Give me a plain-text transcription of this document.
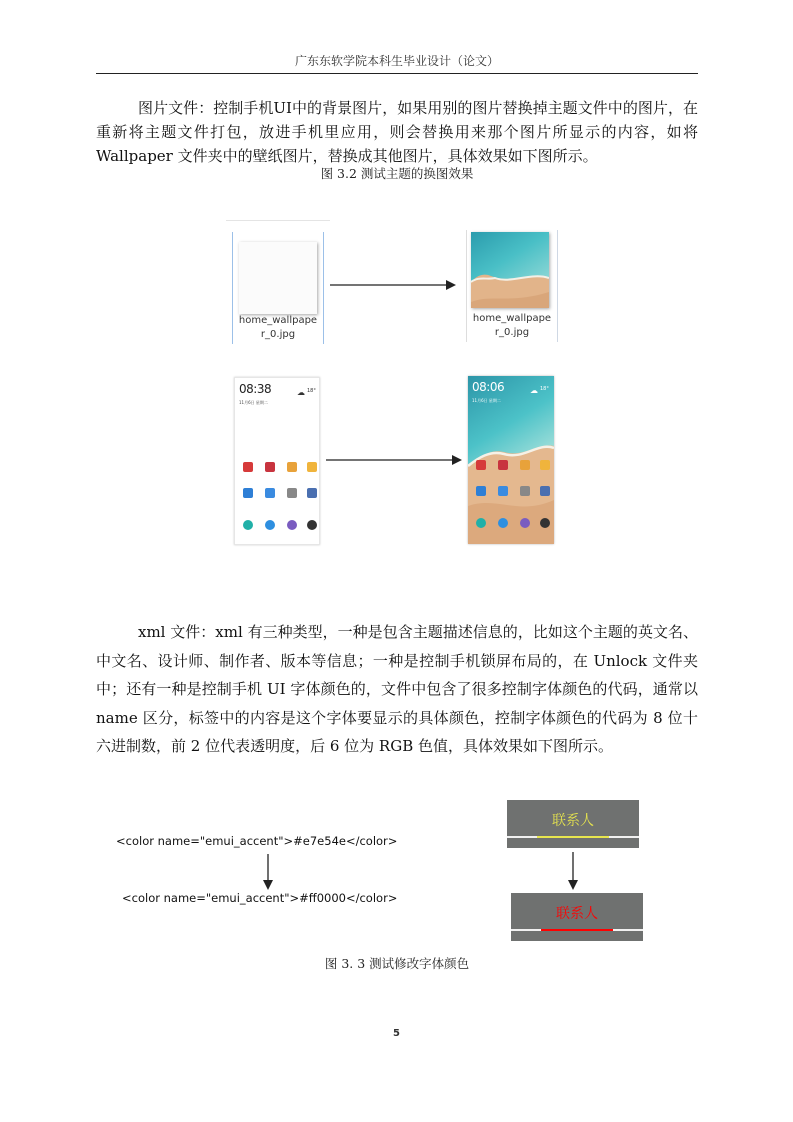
广东东软学院本科生毕业设计（论文）
图片文件：控制手机UI中的背景图片，如果用别的图片替换掉主题文件中的图片，在重新将主题文件打包，放进手机里应用，则会替换用来那个图片所显示的内容，如将 Wallpaper 文件夹中的壁纸图片，替换成其他图片，具体效果如下图所示。
图 3.2 测试主题的换图效果
home_wallpape
r_0.jpg
home_wallpape
r_0.jpg
08:38
11月6日 星期二
☁ 18°	08:06
11月6日 星期二
☁ 18°
xml 文件：xml 有三种类型，一种是包含主题描述信息的，比如这个主题的英文名、中文名、设计师、制作者、版本等信息；一种是控制手机锁屏布局的，在 Unlock 文件夹中；还有一种是控制手机 UI 字体颜色的，文件中包含了很多控制字体颜色的代码，通常以 name 区分，标签中的内容是这个字体要显示的具体颜色，控制字体颜色的代码为 8 位十六进制数，前 2 位代表透明度，后 6 位为 RGB 色值，具体效果如下图所示。
<color name="emui_accent">#e7e54e</color>
<color name="emui_accent">#ff0000</color>
联系人
联系人
图 3. 3 测试修改字体颜色
5
